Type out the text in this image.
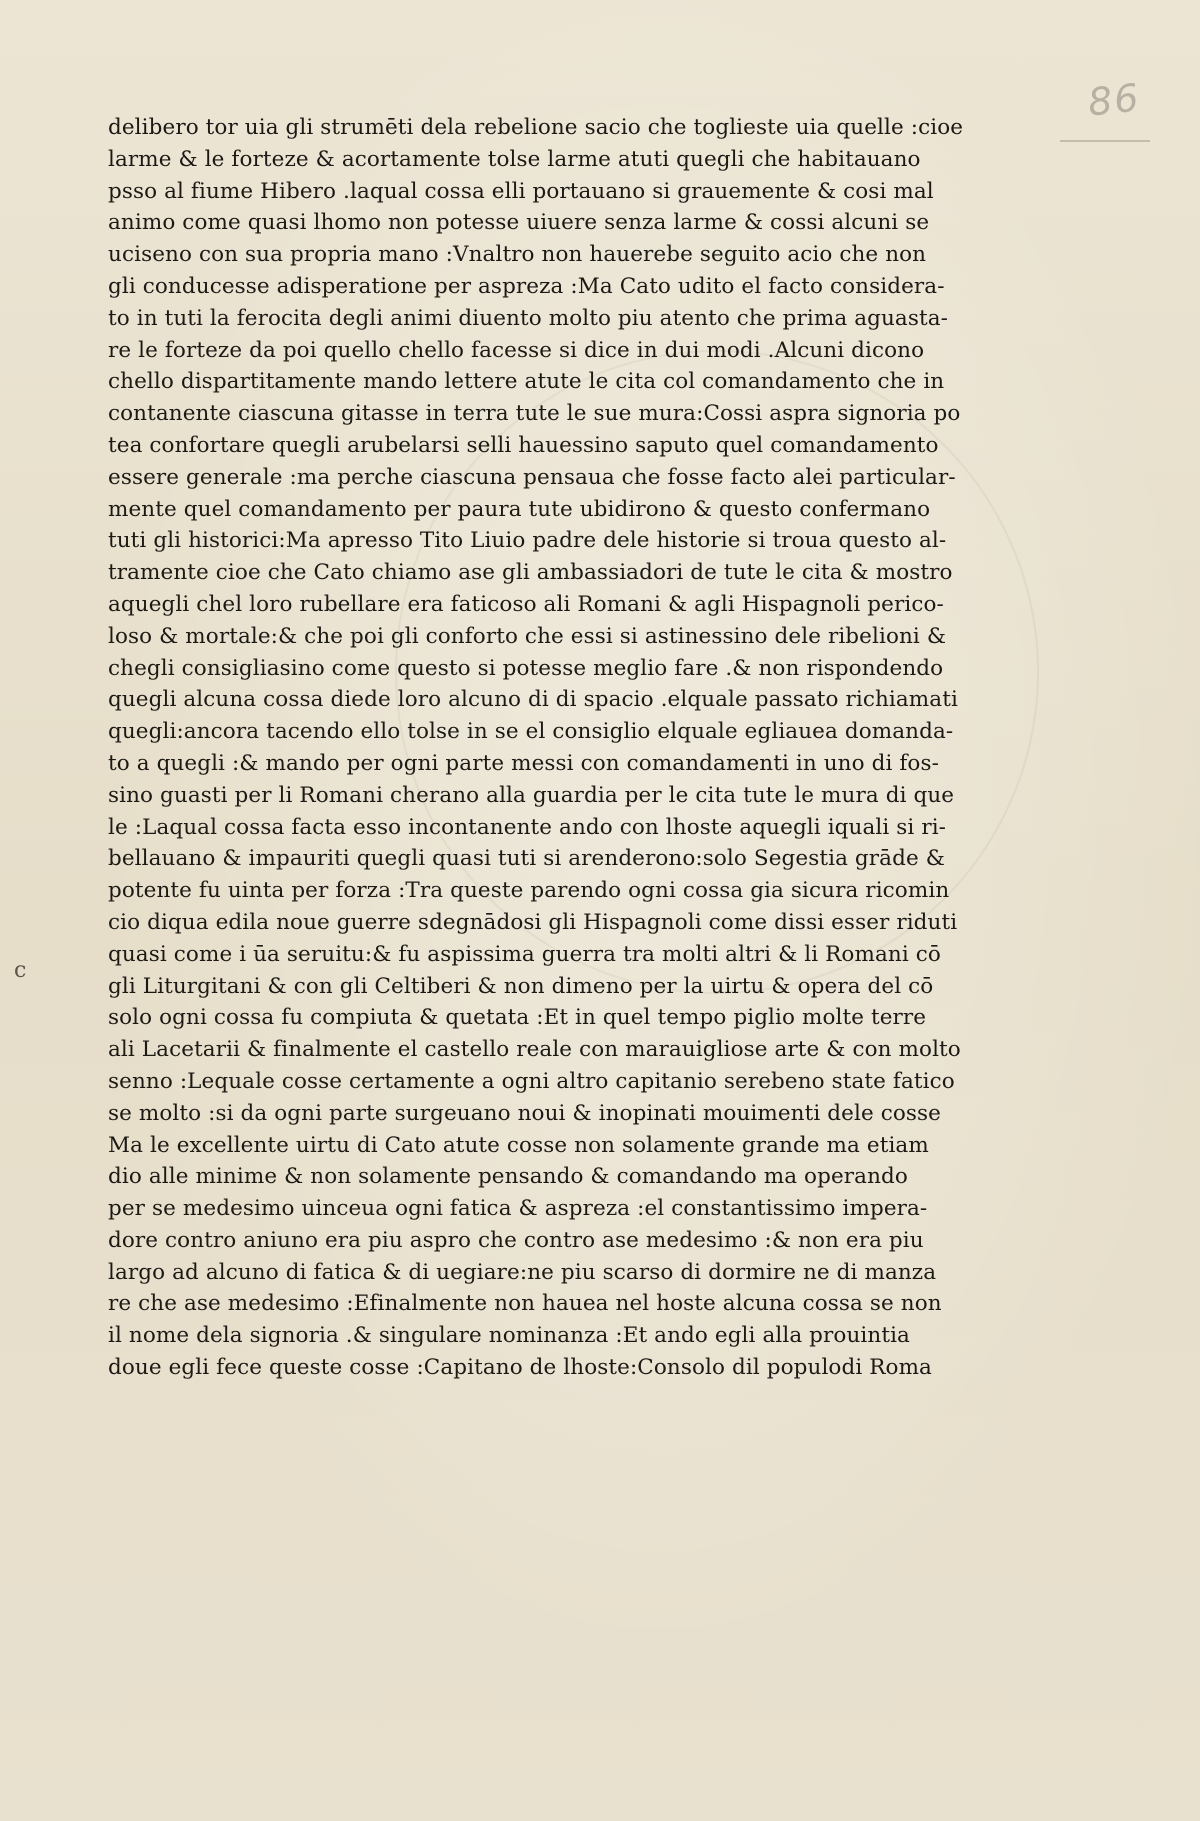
86
c
delibero tor uia gli strumēti dela rebelione sacio che toglieste uia quelle :cioe
larme & le forteze & acortamente tolse larme atuti quegli che habitauano
psso al fiume Hibero .laqual cossa elli portauano si grauemente & cosi mal
animo come quasi lhomo non potesse uiuere senza larme & cossi alcuni se
uciseno con sua propria mano :Vnaltro non hauerebe seguito acio che non
gli conducesse adisperatione per aspreza :Ma Cato udito el facto considera-
to in tuti la ferocita degli animi diuento molto piu atento che prima aguasta-
re le forteze da poi quello chello facesse si dice in dui modi .Alcuni dicono
chello dispartitamente mando lettere atute le cita col comandamento che in
contanente ciascuna gitasse in terra tute le sue mura:Cossi aspra signoria po
tea confortare quegli arubelarsi selli hauessino saputo quel comandamento
essere generale :ma perche ciascuna pensaua che fosse facto alei particular-
mente quel comandamento per paura tute ubidirono & questo confermano
tuti gli historici:Ma apresso Tito Liuio padre dele historie si troua questo al-
tramente cioe che Cato chiamo ase gli ambassiadori de tute le cita & mostro
aquegli chel loro rubellare era faticoso ali Romani & agli Hispagnoli perico-
loso & mortale:& che poi gli conforto che essi si astinessino dele ribelioni &
chegli consigliasino come questo si potesse meglio fare .& non rispondendo
quegli alcuna cossa diede loro alcuno di di spacio .elquale passato richiamati
quegli:ancora tacendo ello tolse in se el consiglio elquale egliauea domanda-
to a quegli :& mando per ogni parte messi con comandamenti in uno di fos-
sino guasti per li Romani cherano alla guardia per le cita tute le mura di que
le :Laqual cossa facta esso incontanente ando con lhoste aquegli iquali si ri-
bellauano & impauriti quegli quasi tuti si arenderono:solo Segestia grāde &
potente fu uinta per forza :Tra queste parendo ogni cossa gia sicura ricomin
cio diqua edila noue guerre sdegnādosi gli Hispagnoli come dissi esser riduti
quasi come i ūa seruitu:& fu aspissima guerra tra molti altri & li Romani cō
gli Liturgitani & con gli Celtiberi & non dimeno per la uirtu & opera del cō
solo ogni cossa fu compiuta & quetata :Et in quel tempo piglio molte terre
ali Lacetarii & finalmente el castello reale con marauigliose arte & con molto
senno :Lequale cosse certamente a ogni altro capitanio serebeno state fatico
se molto :si da ogni parte surgeuano noui & inopinati mouimenti dele cosse
Ma le excellente uirtu di Cato atute cosse non solamente grande ma etiam
dio alle minime & non solamente pensando & comandando ma operando
per se medesimo uinceua ogni fatica & aspreza :el constantissimo impera-
dore contro aniuno era piu aspro che contro ase medesimo :& non era piu
largo ad alcuno di fatica & di uegiare:ne piu scarso di dormire ne di manza
re che ase medesimo :Efinalmente non hauea nel hoste alcuna cossa se non
il nome dela signoria .& singulare nominanza :Et ando egli alla prouintia
doue egli fece queste cosse :Capitano de lhoste:Consolo dil populodi Roma
